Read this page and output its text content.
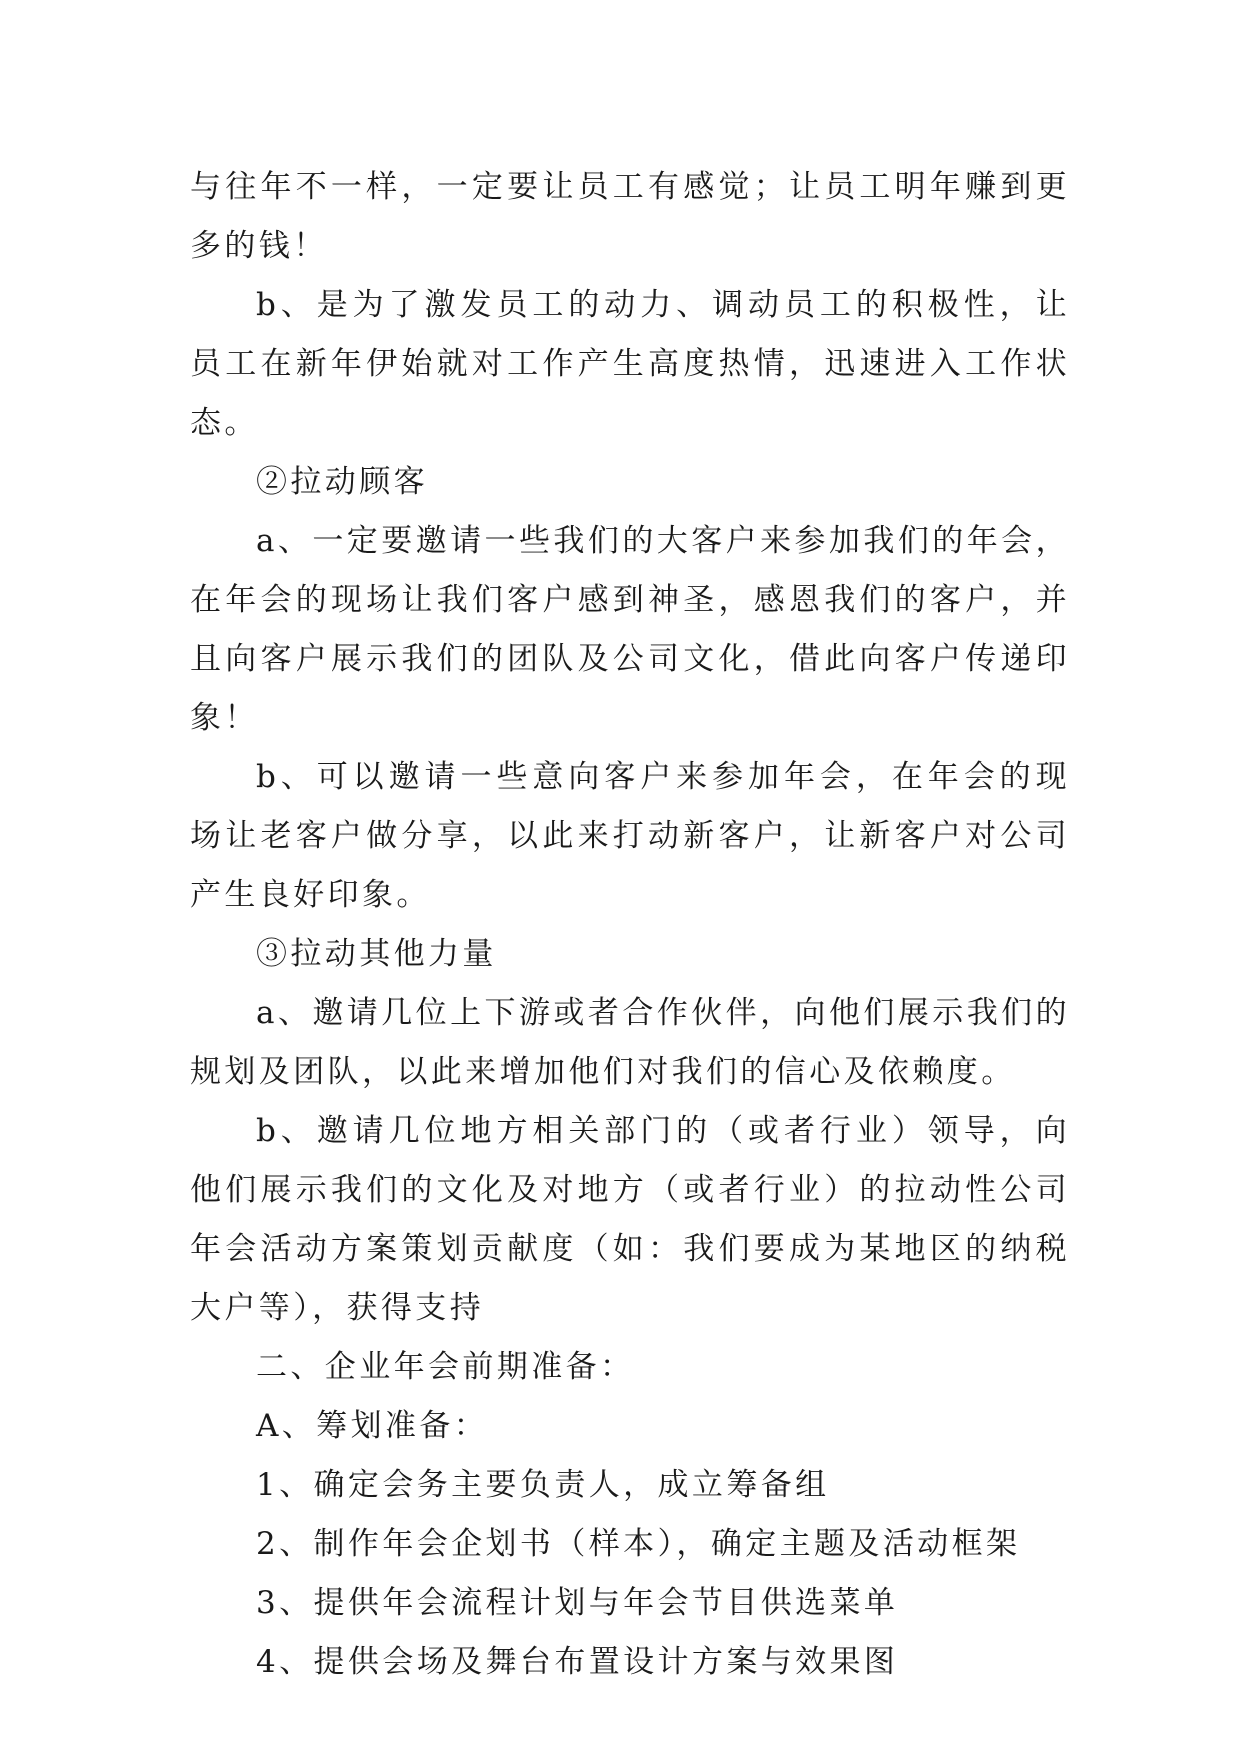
与往年不一样，一定要让员工有感觉；让员工明年赚到更多的钱！

b、是为了激发员工的动力、调动员工的积极性，让员工在新年伊始就对工作产生高度热情，迅速进入工作状态。

②拉动顾客

a、一定要邀请一些我们的大客户来参加我们的年会，在年会的现场让我们客户感到神圣，感恩我们的客户，并且向客户展示我们的团队及公司文化，借此向客户传递印象！

b、可以邀请一些意向客户来参加年会，在年会的现场让老客户做分享，以此来打动新客户，让新客户对公司产生良好印象。

③拉动其他力量

a、邀请几位上下游或者合作伙伴，向他们展示我们的规划及团队，以此来增加他们对我们的信心及依赖度。

b、邀请几位地方相关部门的（或者行业）领导，向他们展示我们的文化及对地方（或者行业）的拉动性公司年会活动方案策划贡献度（如：我们要成为某地区的纳税大户等），获得支持

二、企业年会前期准备：

A、筹划准备：

1、确定会务主要负责人，成立筹备组

2、制作年会企划书（样本），确定主题及活动框架

3、提供年会流程计划与年会节目供选菜单

4、提供会场及舞台布置设计方案与效果图
